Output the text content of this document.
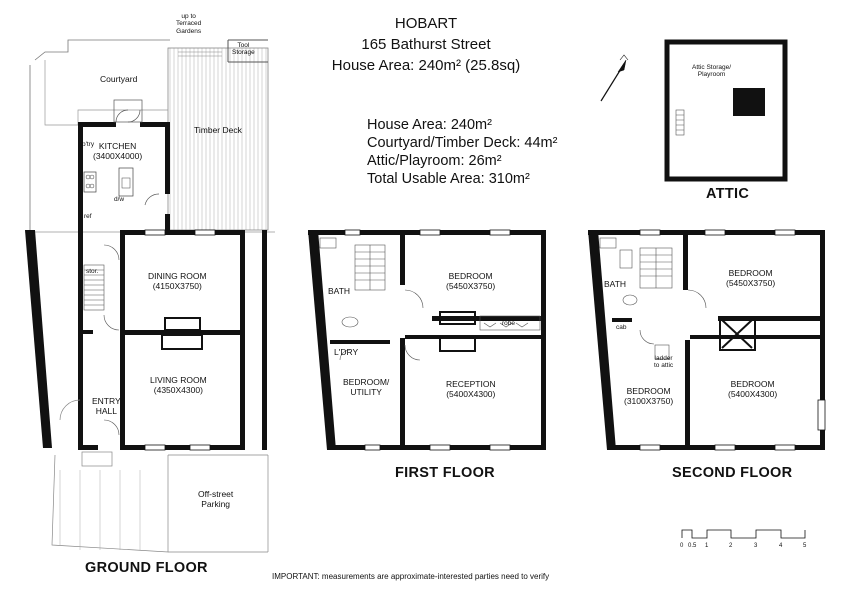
HOBART
165 Bathurst Street
House Area: 240m² (25.8sq)
House Area: 240m²
Courtyard/Timber Deck: 44m²
Attic/Playroom: 26m²
Total Usable Area: 310m²
GROUND FLOOR
FIRST FLOOR	SECOND FLOOR
ATTIC
up to
Terraced
Gardens
Tool
Storage
Courtyard
Timber Deck
p'try KITCHEN
(3400X4000)
d/w
ref
stor.	DINING ROOM
(4150X3750)
LIVING ROOM
(4350X4300)
ENTRY
HALL
Off-street
Parking
BATH
BEDROOM
(5450X3750)
robe
L'DRY
BEDROOM/
UTILITY
RECEPTION
(5400X4300)
BATH
BEDROOM
(5450X3750)
cab
ladder
to attic
BEDROOM
(3100X3750)
BEDROOM
(5400X4300)
Attic Storage/
Playroom
0 0.5 1	2	3	4	5
IMPORTANT: measurements are approximate-interested parties need to verify
